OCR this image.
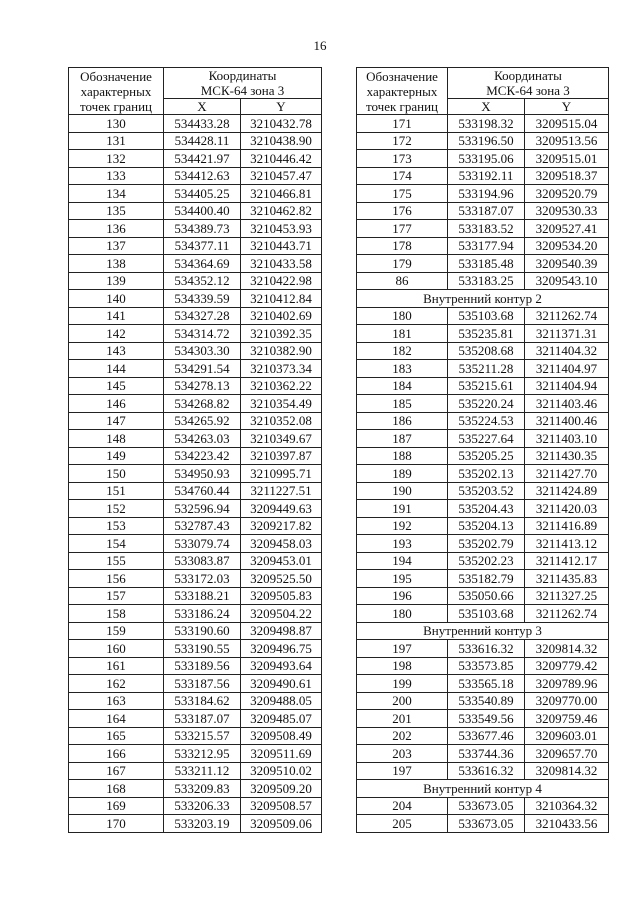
16
Обозначение
характерных
точек границ	Координаты
МСК-64 зона 3	
	X	Y
130	534433.28	3210432.78
131	534428.11	3210438.90
132	534421.97	3210446.42
133	534412.63	3210457.47
134	534405.25	3210466.81
135	534400.40	3210462.82
136	534389.73	3210453.93
137	534377.11	3210443.71
138	534364.69	3210433.58
139	534352.12	3210422.98
140	534339.59	3210412.84
141	534327.28	3210402.69
142	534314.72	3210392.35
143	534303.30	3210382.90
144	534291.54	3210373.34
145	534278.13	3210362.22
146	534268.82	3210354.49
147	534265.92	3210352.08
148	534263.03	3210349.67
149	534223.42	3210397.87
150	534950.93	3210995.71
151	534760.44	3211227.51
152	532596.94	3209449.63
153	532787.43	3209217.82
154	533079.74	3209458.03
155	533083.87	3209453.01
156	533172.03	3209525.50
157	533188.21	3209505.83
158	533186.24	3209504.22
159	533190.60	3209498.87
160	533190.55	3209496.75
161	533189.56	3209493.64
162	533187.56	3209490.61
163	533184.62	3209488.05
164	533187.07	3209485.07
165	533215.57	3209508.49
166	533212.95	3209511.69
167	533211.12	3209510.02
168	533209.83	3209509.20
169	533206.33	3209508.57
170	533203.19	3209509.06
Обозначение
характерных
точек границ	Координаты
МСК-64 зона 3	
	X	Y
171	533198.32	3209515.04
172	533196.50	3209513.56
173	533195.06	3209515.01
174	533192.11	3209518.37
175	533194.96	3209520.79
176	533187.07	3209530.33
177	533183.52	3209527.41
178	533177.94	3209534.20
179	533185.48	3209540.39
86	533183.25	3209543.10
Внутренний контур 2		
180	535103.68	3211262.74
181	535235.81	3211371.31
182	535208.68	3211404.32
183	535211.28	3211404.97
184	535215.61	3211404.94
185	535220.24	3211403.46
186	535224.53	3211400.46
187	535227.64	3211403.10
188	535205.25	3211430.35
189	535202.13	3211427.70
190	535203.52	3211424.89
191	535204.43	3211420.03
192	535204.13	3211416.89
193	535202.79	3211413.12
194	535202.23	3211412.17
195	535182.79	3211435.83
196	535050.66	3211327.25
180	535103.68	3211262.74
Внутренний контур 3		
197	533616.32	3209814.32
198	533573.85	3209779.42
199	533565.18	3209789.96
200	533540.89	3209770.00
201	533549.56	3209759.46
202	533677.46	3209603.01
203	533744.36	3209657.70
197	533616.32	3209814.32
Внутренний контур 4		
204	533673.05	3210364.32
205	533673.05	3210433.56
